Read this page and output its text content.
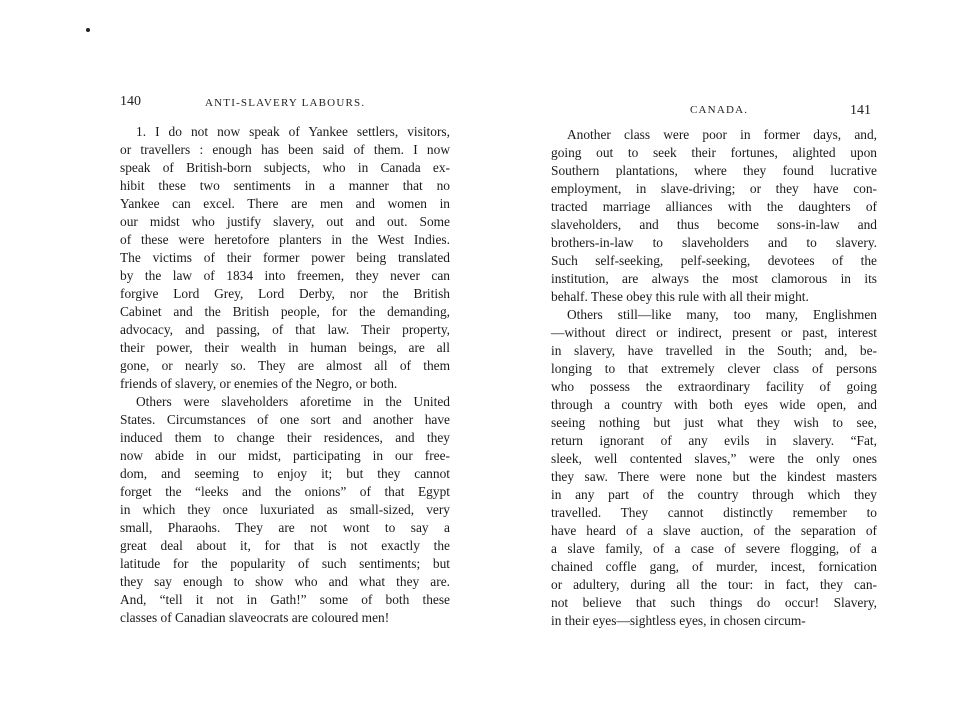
140	ANTI-SLAVERY LABOURS.
1. I do not now speak of Yankee settlers, visitors,
or travellers : enough has been said of them. I now
speak of British-born subjects, who in Canada ex-
hibit these two sentiments in a manner that no
Yankee can excel. There are men and women in
our midst who justify slavery, out and out. Some
of these were heretofore planters in the West Indies.
The victims of their former power being translated
by the law of 1834 into freemen, they never can
forgive Lord Grey, Lord Derby, nor the British
Cabinet and the British people, for the demanding,
advocacy, and passing, of that law. Their property,
their power, their wealth in human beings, are all
gone, or nearly so. They are almost all of them
friends of slavery, or enemies of the Negro, or both.
Others were slaveholders aforetime in the United
States. Circumstances of one sort and another have
induced them to change their residences, and they
now abide in our midst, participating in our free-
dom, and seeming to enjoy it; but they cannot
forget the “leeks and the onions” of that Egypt
in which they once luxuriated as small-sized, very
small, Pharaohs. They are not wont to say a
great deal about it, for that is not exactly the
latitude for the popularity of such sentiments; but
they say enough to show who and what they are.
And, “tell it not in Gath!” some of both these
classes of Canadian slaveocrats are coloured men!
CANADA.	141
Another class were poor in former days, and,
going out to seek their fortunes, alighted upon
Southern plantations, where they found lucrative
employment, in slave-driving; or they have con-
tracted marriage alliances with the daughters of
slaveholders, and thus become sons-in-law and
brothers-in-law to slaveholders and to slavery.
Such self-seeking, pelf-seeking, devotees of the
institution, are always the most clamorous in its
behalf. These obey this rule with all their might.
Others still—like many, too many, Englishmen
—without direct or indirect, present or past, interest
in slavery, have travelled in the South; and, be-
longing to that extremely clever class of persons
who possess the extraordinary facility of going
through a country with both eyes wide open, and
seeing nothing but just what they wish to see,
return ignorant of any evils in slavery. “Fat,
sleek, well contented slaves,” were the only ones
they saw. There were none but the kindest masters
in any part of the country through which they
travelled. They cannot distinctly remember to
have heard of a slave auction, of the separation of
a slave family, of a case of severe flogging, of a
chained coffle gang, of murder, incest, fornication
or adultery, during all the tour: in fact, they can-
not believe that such things do occur! Slavery,
in their eyes—sightless eyes, in chosen circum-
